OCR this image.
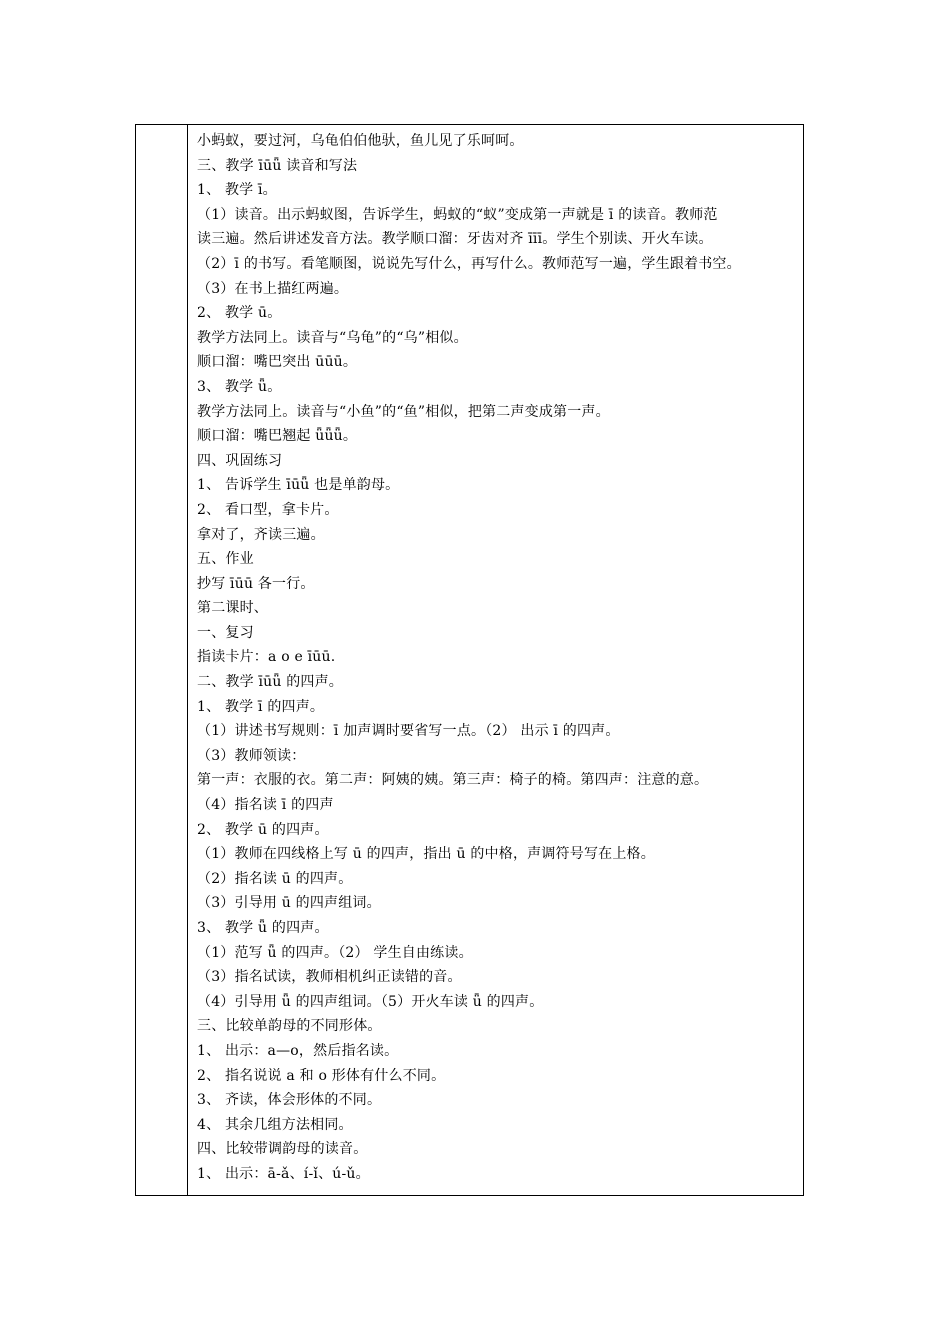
小蚂蚁，要过河，乌龟伯伯他驮，鱼儿见了乐呵呵。
三、教学 īūǖ 读音和写法
1、 教学 ī。
（1）读音。出示蚂蚁图，告诉学生，蚂蚁的“蚁”变成第一声就是 ī 的读音。教师范
读三遍。然后讲述发音方法。教学顺口溜：牙齿对齐 īīī。学生个别读、开火车读。
（2）ī 的书写。看笔顺图，说说先写什么，再写什么。教师范写一遍，学生跟着书空。
（3）在书上描红两遍。
2、 教学 ū。
教学方法同上。读音与“乌龟”的“乌”相似。
顺口溜：嘴巴突出 ūūū。
3、 教学 ǖ。
教学方法同上。读音与“小鱼”的“鱼”相似，把第二声变成第一声。
顺口溜：嘴巴翘起 ǖǖǖ。
四、巩固练习
1、 告诉学生 īūǖ 也是单韵母。
2、 看口型，拿卡片。
拿对了，齐读三遍。
五、作业
抄写 īūū 各一行。
第二课时、
一、复习
指读卡片：a o e īūū.
二、教学 īūǖ 的四声。
1、 教学 ī 的四声。
（1）讲述书写规则：ī 加声调时要省写一点。（2） 出示 ī 的四声。
（3）教师领读：
第一声：衣服的衣。第二声：阿姨的姨。第三声：椅子的椅。第四声：注意的意。
（4）指名读 ī 的四声
2、 教学 ū 的四声。
（1）教师在四线格上写 ū 的四声，指出 ū 的中格，声调符号写在上格。
（2）指名读 ū 的四声。
（3）引导用 ū 的四声组词。
3、 教学 ǖ 的四声。
（1）范写 ǖ 的四声。（2） 学生自由练读。
（3）指名试读，教师相机纠正读错的音。
（4）引导用 ǖ 的四声组词。（5）开火车读 ǖ 的四声。
三、比较单韵母的不同形体。
1、 出示：a—o，然后指名读。
2、 指名说说 a 和 o 形体有什么不同。
3、 齐读，体会形体的不同。
4、 其余几组方法相同。
四、比较带调韵母的读音。
1、 出示：ā-ǎ、í-ǐ、ú-ǔ。
